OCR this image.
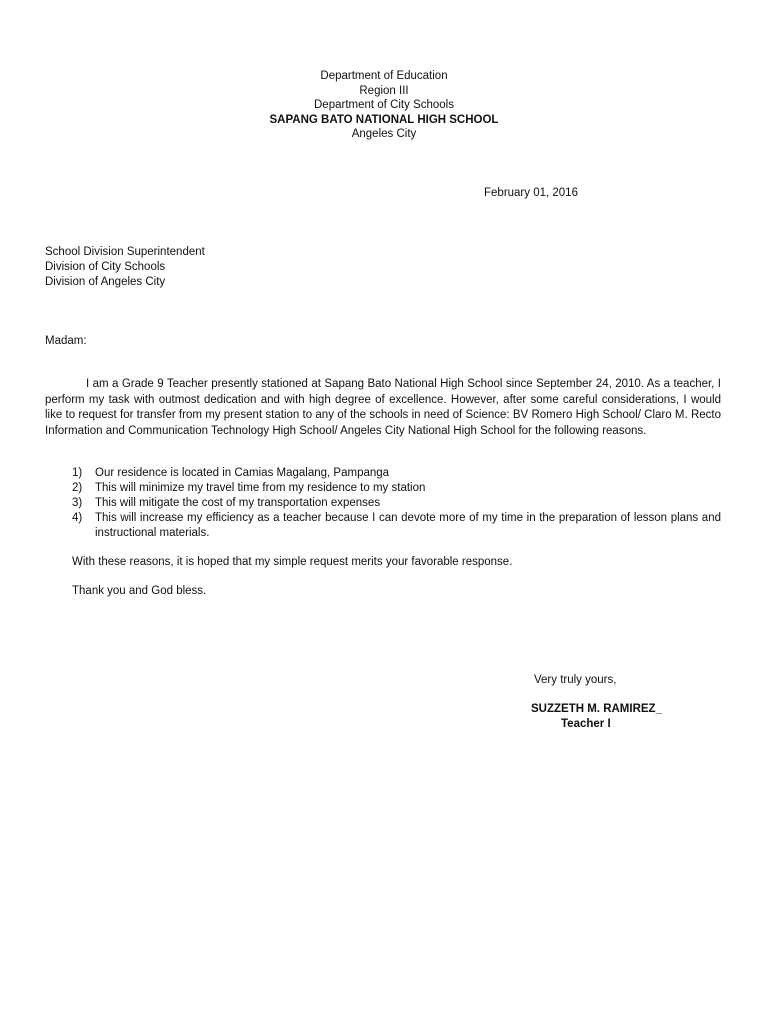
Department of Education
Region III
Department of City Schools
SAPANG BATO NATIONAL HIGH SCHOOL
Angeles City
February 01, 2016
School Division Superintendent
Division of City Schools
Division of Angeles City
Madam:
I am a Grade 9 Teacher presently stationed at Sapang Bato National High School since September 24, 2010. As a teacher, I perform my task with outmost dedication and with high degree of excellence. However, after some careful considerations, I would like to request for transfer from my present station to any of the schools in need of Science: BV Romero High School/ Claro M. Recto Information and Communication Technology High School/ Angeles City National High School for the following reasons.
1) Our residence is located in Camias Magalang, Pampanga
2) This will minimize my travel time from my residence to my station
3) This will mitigate the cost of my transportation expenses
4) This will increase my efficiency as a teacher because I can devote more of my time in the preparation of lesson plans and instructional materials.
With these reasons, it is hoped that my simple request merits your favorable response.
Thank you and God bless.
Very truly yours,
SUZZETH M. RAMIREZ_
Teacher I
